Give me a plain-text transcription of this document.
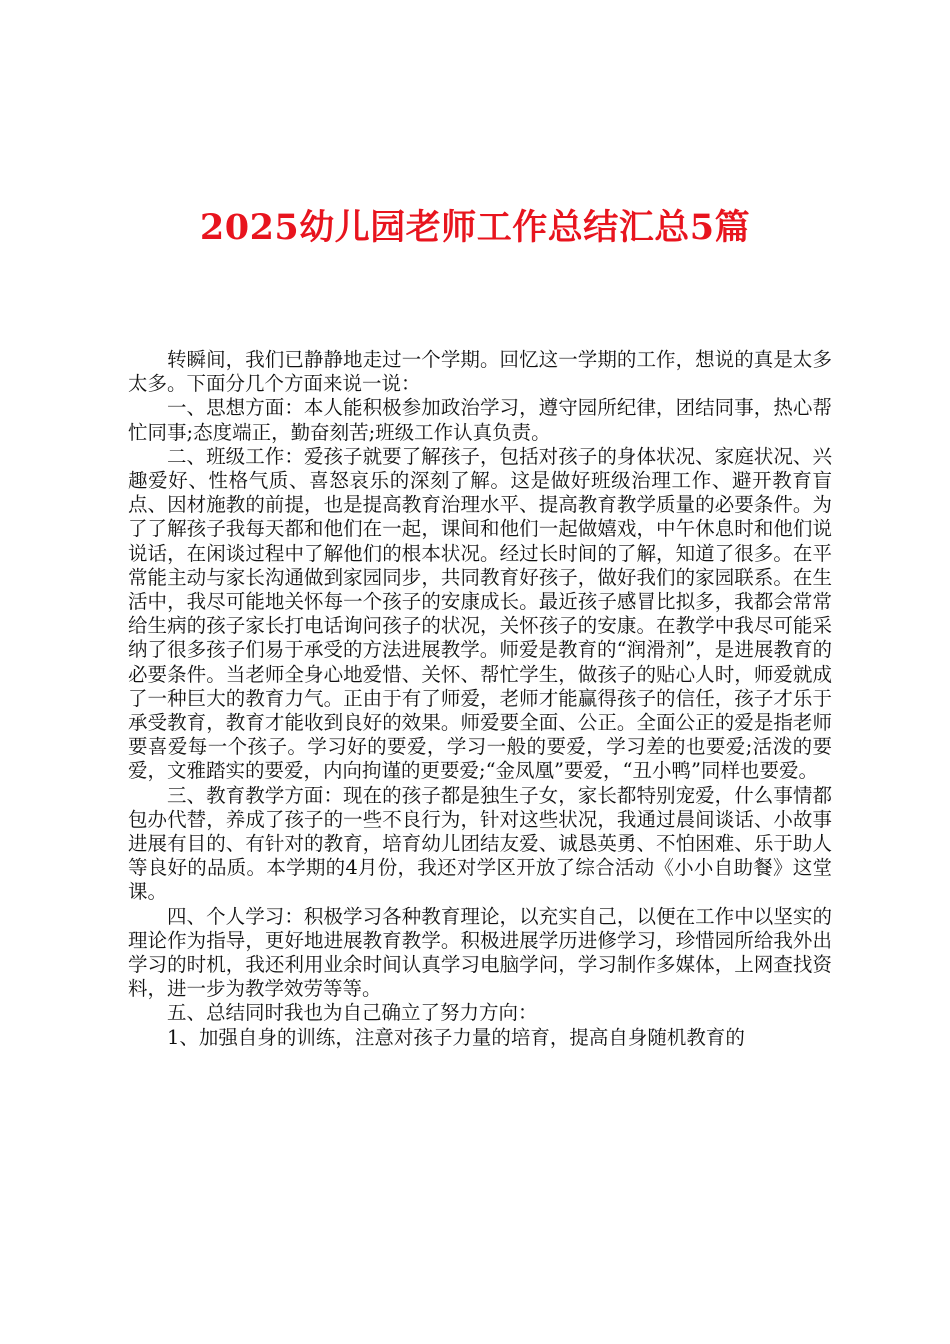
2025幼儿园老师工作总结汇总5篇

转瞬间，我们已静静地走过一个学期。回忆这一学期的工作，想说的真是太多太多。下面分几个方面来说一说：

一、思想方面：本人能积极参加政治学习，遵守园所纪律，团结同事，热心帮忙同事;态度端正，勤奋刻苦;班级工作认真负责。

二、班级工作：爱孩子就要了解孩子，包括对孩子的身体状况、家庭状况、兴趣爱好、性格气质、喜怒哀乐的深刻了解。这是做好班级治理工作、避开教育盲点、因材施教的前提，也是提高教育治理水平、提高教育教学质量的必要条件。为了了解孩子我每天都和他们在一起，课间和他们一起做嬉戏，中午休息时和他们说说话，在闲谈过程中了解他们的根本状况。经过长时间的了解，知道了很多。在平常能主动与家长沟通做到家园同步，共同教育好孩子，做好我们的家园联系。在生活中，我尽可能地关怀每一个孩子的安康成长。最近孩子感冒比拟多，我都会常常给生病的孩子家长打电话询问孩子的状况，关怀孩子的安康。在教学中我尽可能采纳了很多孩子们易于承受的方法进展教学。师爱是教育的“润滑剂”，是进展教育的必要条件。当老师全身心地爱惜、关怀、帮忙学生，做孩子的贴心人时，师爱就成了一种巨大的教育力气。正由于有了师爱，老师才能赢得孩子的信任，孩子才乐于承受教育，教育才能收到良好的效果。师爱要全面、公正。全面公正的爱是指老师要喜爱每一个孩子。学习好的要爱，学习一般的要爱，学习差的也要爱;活泼的要爱，文雅踏实的要爱，内向拘谨的更要爱;“金凤凰”要爱，“丑小鸭”同样也要爱。

三、教育教学方面：现在的孩子都是独生子女，家长都特别宠爱，什么事情都包办代替，养成了孩子的一些不良行为，针对这些状况，我通过晨间谈话、小故事进展有目的、有针对的教育，培育幼儿团结友爱、诚恳英勇、不怕困难、乐于助人等良好的品质。本学期的4月份，我还对学区开放了综合活动《小小自助餐》这堂课。

四、个人学习：积极学习各种教育理论，以充实自己，以便在工作中以坚实的理论作为指导，更好地进展教育教学。积极进展学历进修学习，珍惜园所给我外出学习的时机，我还利用业余时间认真学习电脑学问，学习制作多媒体，上网查找资料，进一步为教学效劳等等。

五、总结同时我也为自己确立了努力方向：

1、加强自身的训练，注意对孩子力量的培育，提高自身随机教育的
